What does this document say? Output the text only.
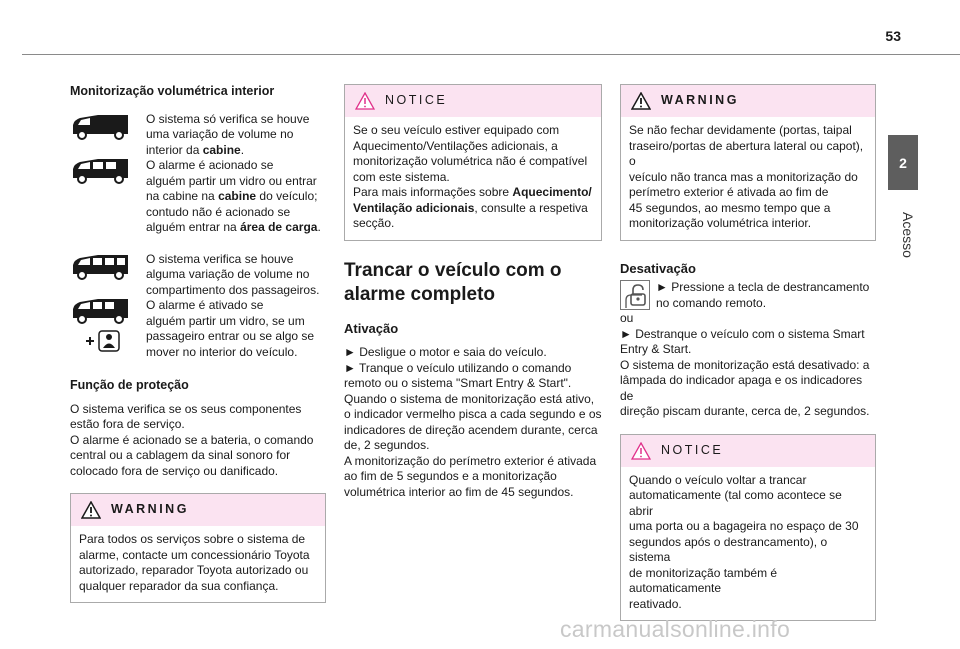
53
2
Acesso
Monitorização volumétrica interior

O sistema só verifica se houve

uma variação de volume no

interior da cabine.

O alarme é acionado se

alguém partir um vidro ou entrar

na cabine na cabine do veículo;

contudo não é acionado se

alguém entrar na área de carga.

O sistema verifica se houve

alguma variação de volume no

compartimento dos passageiros.

O alarme é ativado se

alguém partir um vidro, se um

passageiro entrar ou se algo se

mover no interior do veículo.

Função de proteção

O sistema verifica se os seus componentes

estão fora de serviço.

O alarme é acionado se a bateria, o comando

central ou a cablagem da sinal sonoro for

colocado fora de serviço ou danificado.

WARNING

Para todos os serviços sobre o sistema de

alarme, contacte um concessionário Toyota

autorizado, reparador Toyota autorizado ou

qualquer reparador da sua confiança.

NOTICE

Se o seu veículo estiver equipado com

Aquecimento/Ventilações adicionais, a

monitorização volumétrica não é compatível

com este sistema.

Para mais informações sobre Aquecimento/

Ventilação adicionais, consulte a respetiva

secção.

Trancar o veículo com o
alarme completo
Ativação

► Desligue o motor e saia do veículo.

► Tranque o veículo utilizando o comando

remoto ou o sistema "Smart Entry & Start".

Quando o sistema de monitorização está ativo,

o indicador vermelho pisca a cada segundo e os

indicadores de direção acendem durante, cerca

de, 2 segundos.

A monitorização do perímetro exterior é ativada

ao fim de 5 segundos e a monitorização

volumétrica interior ao fim de 45 segundos.

WARNING

Se não fechar devidamente (portas, taipal

traseiro/portas de abertura lateral ou capot), o

veículo não tranca mas a monitorização do

perímetro exterior é ativada ao fim de

45 segundos, ao mesmo tempo que a

monitorização volumétrica interior.

Desativação

► Pressione a tecla de destrancamento

no comando remoto.

ou

► Destranque o veículo com o sistema Smart

Entry & Start.

O sistema de monitorização está desativado: a

lâmpada do indicador apaga e os indicadores de

direção piscam durante, cerca de, 2 segundos.

NOTICE

Quando o veículo voltar a trancar

automaticamente (tal como acontece se abrir

uma porta ou a bagageira no espaço de 30

segundos após o destrancamento), o sistema

de monitorização também é automaticamente

reativado.

carmanualsonline.info
